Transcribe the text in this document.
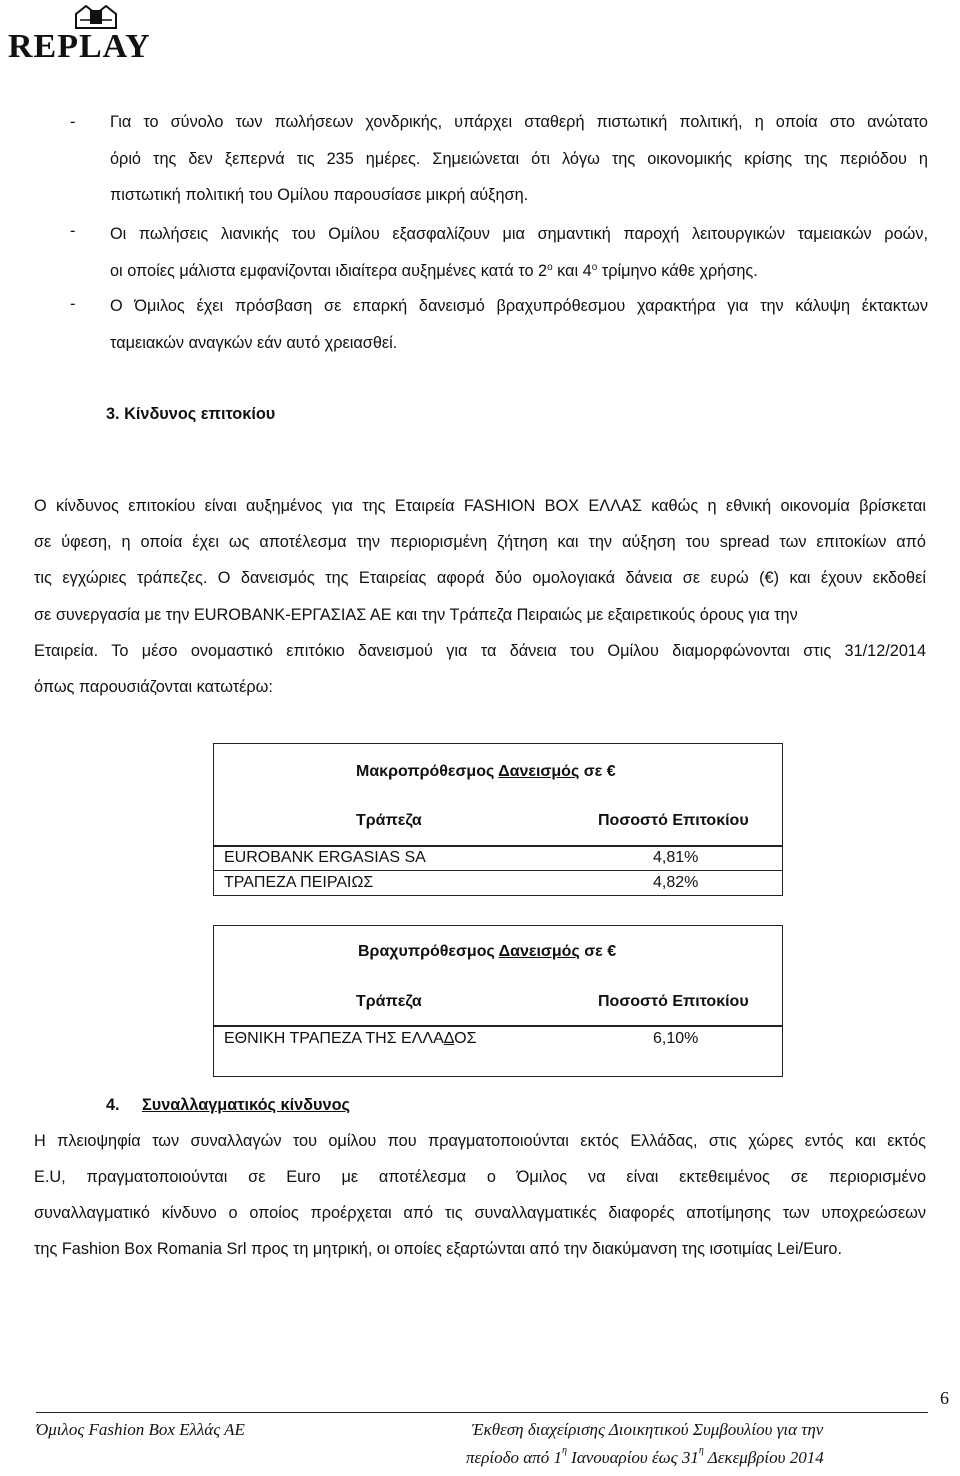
REPLAY
- Για το σύνολο των πωλήσεων χονδρικής, υπάρχει σταθερή πιστωτική πολιτική, η οποία στο ανώτατο
όριό της δεν ξεπερνά τις 235 ημέρες. Σημειώνεται ότι λόγω της οικονομικής κρίσης της περιόδου η
πιστωτική πολιτική του Ομίλου παρουσίασε μικρή αύξηση.
- Οι πωλήσεις λιανικής του Ομίλου εξασφαλίζουν μια σημαντική παροχή λειτουργικών ταμειακών ροών,
οι οποίες μάλιστα εμφανίζονται ιδιαίτερα αυξημένες κατά το $2^o$ και $4^o$ τρίμηνο κάθε χρήσης.
- Ο Όμιλος έχει πρόσβαση σε επαρκή δανεισμό βραχυπρόθεσμου χαρακτήρα για την κάλυψη έκτακτων
ταμειακών αναγκών εάν αυτό χρειασθεί.
3. Κίνδυνος επιτοκίου
Ο κίνδυνος επιτοκίου είναι αυξημένος για της Εταιρεία FASHION BOX ΕΛΛΑΣ καθώς η εθνική οικονομία βρίσκεται
σε ύφεση, η οποία έχει ως αποτέλεσμα την περιορισμένη ζήτηση και την αύξηση του spread των επιτοκίων από
τις εγχώριες τράπεζες. Ο δανεισμός της Εταιρείας αφορά δύο ομολογιακά δάνεια σε ευρώ (€) και έχουν εκδοθεί
σε συνεργασία με την EUROBANK-ΕΡΓΑΣΙΑΣ ΑΕ και την Τράπεζα Πειραιώς με εξαιρετικούς όρους για την
Εταιρεία. Το μέσο ονομαστικό επιτόκιο δανεισμού για τα δάνεια του Ομίλου διαμορφώνονται στις 31/12/2014
όπως παρουσιάζονται κατωτέρω:
Μακροπρόθεσμος Δανεισμός σε €
Τράπεζα	Ποσοστό Επιτοκίου
EUROBANK ERGASIAS SA	4,81%
ΤΡΑΠΕΖΑ ΠΕΙΡΑΙΩΣ	4,82%
Βραχυπρόθεσμος Δανεισμός σε €
Τράπεζα	Ποσοστό Επιτοκίου
ΕΘΝΙΚΗ ΤΡΑΠΕΖΑ ΤΗΣ ΕΛΛΑΔΟΣ	6,10%
4. Συναλλαγματικός κίνδυνος
Η πλειοψηφία των συναλλαγών του ομίλου που πραγματοποιούνται εκτός Ελλάδας, στις χώρες εντός και εκτός
E.U, πραγματοποιούνται σε Euro με αποτέλεσμα ο Όμιλος να είναι εκτεθειμένος σε περιορισμένο
συναλλαγματικό κίνδυνο ο οποίος προέρχεται από τις συναλλαγματικές διαφορές αποτίμησης των υποχρεώσεων
της Fashion Box Romania Srl προς τη μητρική, οι οποίες εξαρτώνται από την διακύμανση της ισοτιμίας Lei/Euro.
6
Όμιλος Fashion Box Ελλάς ΑΕ	Έκθεση διαχείρισης Διοικητικού Συμβουλίου για την
περίοδο από $1^\eta$ Ιανουαρίου έως $31^\eta$ Δεκεμβρίου 2014
